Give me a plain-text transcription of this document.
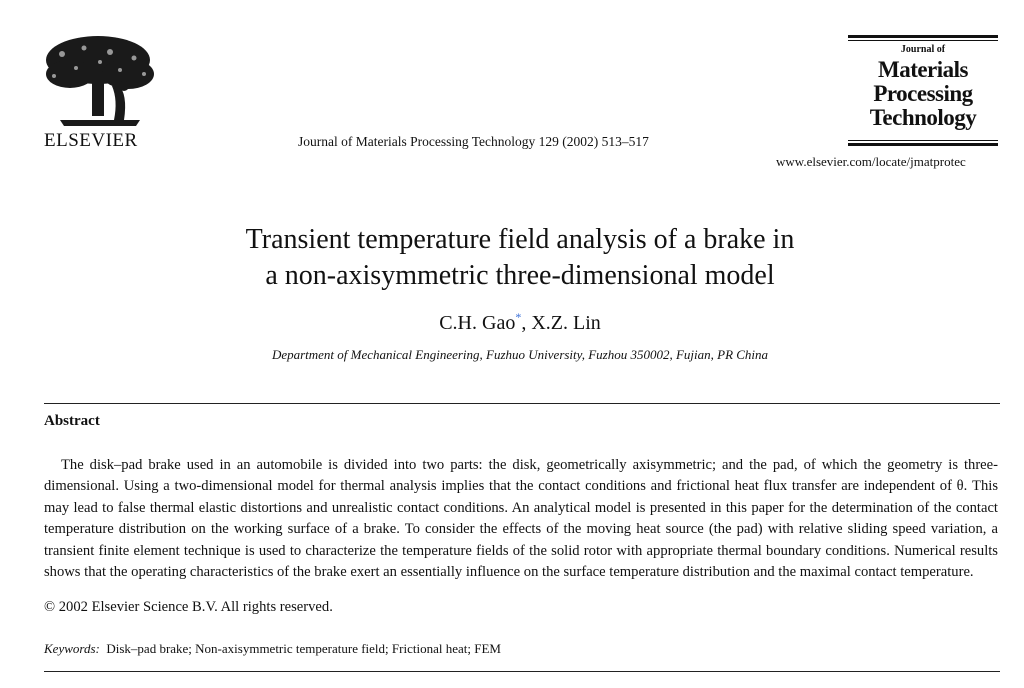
ELSEVIER	Journal of Materials Processing Technology 129 (2002) 513–517
Journal of
Materials
Processing
Technology
www.elsevier.com/locate/jmatprotec
Transient temperature field analysis of a brake in
a non-axisymmetric three-dimensional model
C.H. Gao*, X.Z. Lin
Department of Mechanical Engineering, Fuzhuo University, Fuzhou 350002, Fujian, PR China
Abstract

The disk–pad brake used in an automobile is divided into two parts: the disk, geometrically axisymmetric; and the pad, of which the geometry is three-dimensional. Using a two-dimensional model for thermal analysis implies that the contact conditions and frictional heat flux transfer are independent of θ. This may lead to false thermal elastic distortions and unrealistic contact conditions. An analytical model is presented in this paper for the determination of the contact temperature distribution on the working surface of a brake. To consider the effects of the moving heat source (the pad) with relative sliding speed variation, a transient finite element technique is used to characterize the temperature fields of the solid rotor with appropriate thermal boundary conditions. Numerical results shows that the operating characteristics of the brake exert an essentially influence on the surface temperature distribution and the maximal contact temperature.

© 2002 Elsevier Science B.V. All rights reserved.
Keywords: Disk–pad brake; Non-axisymmetric temperature field; Frictional heat; FEM
